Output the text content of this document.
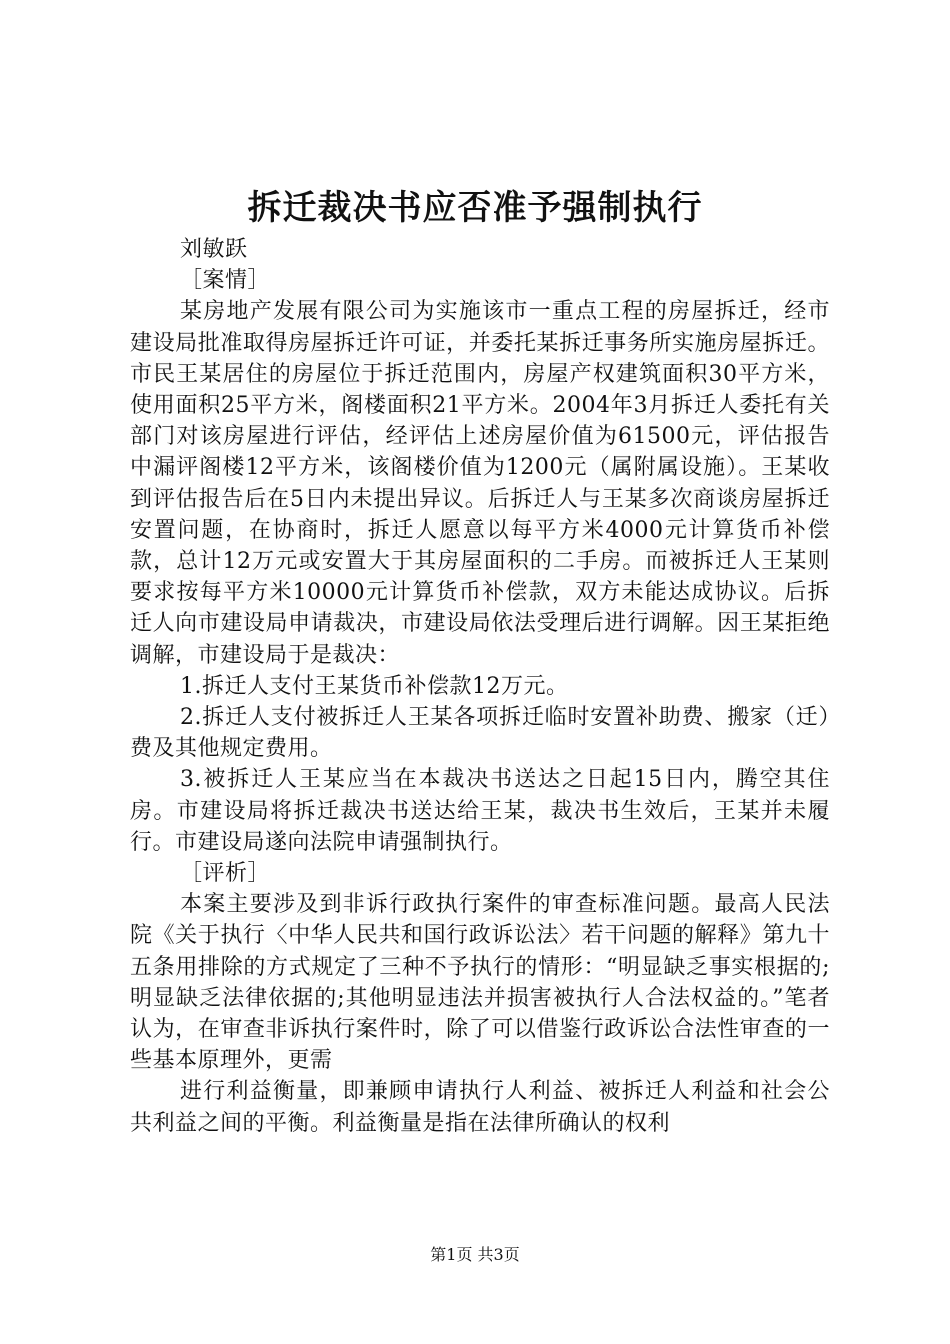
拆迁裁决书应否准予强制执行

刘敏跃

［案情］

某房地产发展有限公司为实施该市一重点工程的房屋拆迁，经市建设局批准取得房屋拆迁许可证，并委托某拆迁事务所实施房屋拆迁。市民王某居住的房屋位于拆迁范围内，房屋产权建筑面积30平方米，使用面积25平方米，阁楼面积21平方米。2004年3月拆迁人委托有关部门对该房屋进行评估，经评估上述房屋价值为61500元，评估报告中漏评阁楼12平方米，该阁楼价值为1200元（属附属设施）。王某收到评估报告后在5日内未提出异议。后拆迁人与王某多次商谈房屋拆迁安置问题，在协商时，拆迁人愿意以每平方米4000元计算货币补偿款，总计12万元或安置大于其房屋面积的二手房。而被拆迁人王某则要求按每平方米10000元计算货币补偿款，双方未能达成协议。后拆迁人向市建设局申请裁决，市建设局依法受理后进行调解。因王某拒绝调解，市建设局于是裁决：

1.拆迁人支付王某货币补偿款12万元。

2.拆迁人支付被拆迁人王某各项拆迁临时安置补助费、搬家（迁）费及其他规定费用。

3.被拆迁人王某应当在本裁决书送达之日起15日内，腾空其住房。市建设局将拆迁裁决书送达给王某，裁决书生效后，王某并未履行。市建设局遂向法院申请强制执行。

［评析］

本案主要涉及到非诉行政执行案件的审查标准问题。最高人民法院《关于执行〈中华人民共和国行政诉讼法〉若干问题的解释》第九十五条用排除的方式规定了三种不予执行的情形：“明显缺乏事实根据的;明显缺乏法律依据的;其他明显违法并损害被执行人合法权益的。”笔者认为，在审查非诉执行案件时，除了可以借鉴行政诉讼合法性审查的一些基本原理外，更需

进行利益衡量，即兼顾申请执行人利益、被拆迁人利益和社会公共利益之间的平衡。利益衡量是指在法律所确认的权利

第1页 共3页
